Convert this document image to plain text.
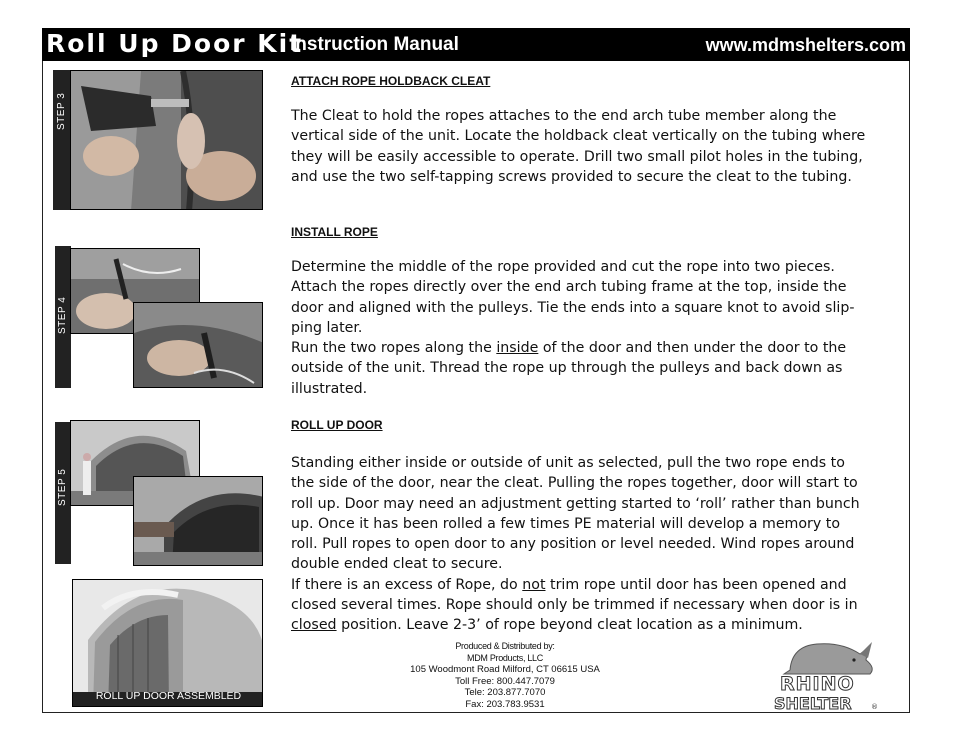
Roll Up Door Kit
Instruction Manual	www.mdmshelters.com
STEP 3
STEP 4
STEP 5
ROLL UP DOOR ASSEMBLED
ATTACH ROPE HOLDBACK CLEAT

The Cleat to hold the ropes attaches to the end arch tube member along the vertical side of the unit. Locate the holdback cleat vertically on the tubing where they will be easily accessible to operate. Drill two small pilot holes in the tubing, and use the two self-tapping screws provided to secure the cleat to the tubing.

INSTALL ROPE

Determine the middle of the rope provided and cut the rope into two pieces. Attach the ropes directly over the end arch tubing frame at the top, inside the door and aligned with the pulleys. Tie the ends into a square knot to avoid slip-ping later.

Run the two ropes along the inside of the door and then under the door to the outside of the unit. Thread the rope up through the pulleys and back down as illustrated.

ROLL UP DOOR

Standing either inside or outside of unit as selected, pull the two rope ends to the side of the door, near the cleat. Pulling the ropes together, door will start to roll up. Door may need an adjustment getting started to ‘roll’ rather than bunch up. Once it has been rolled a few times PE material will develop a memory to roll. Pull ropes to open door to any position or level needed. Wind ropes around double ended cleat to secure.

If there is an excess of Rope, do not trim rope until door has been opened and closed several times. Rope should only be trimmed if necessary when door is in closed position. Leave 2-3’ of rope beyond cleat location as a minimum.

Produced & Distributed by:
MDM Products, LLC
105 Woodmont Road Milford, CT 06615 USA
Toll Free: 800.447.7079
Tele: 203.877.7070
Fax: 203.783.9531
RHINO
SHELTER	®
